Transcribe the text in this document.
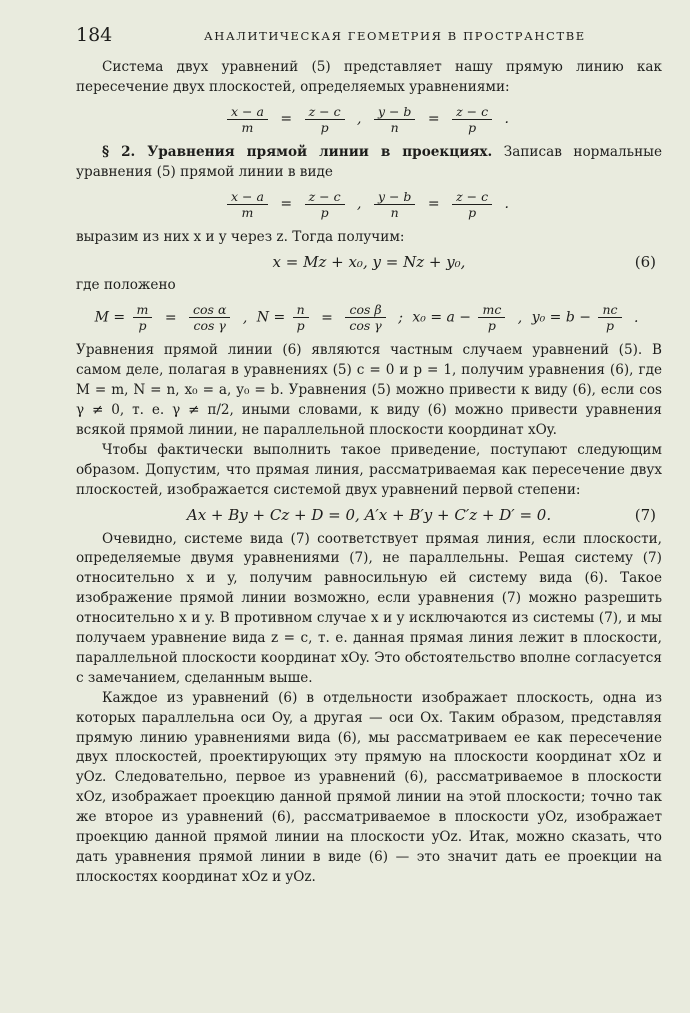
184	АНАЛИТИЧЕСКАЯ ГЕОМЕТРИЯ В ПРОСТРАНСТВЕ

Система двух уравнений (5) представляет нашу прямую линию как пересечение двух плоскостей, определяемых уравнениями:

$\frac{x - a}{m} = \frac{z - c}{p}$ , $\frac{y - b}{n} = \frac{z - c}{p}$ .

§ 2. Уравнения прямой линии в проекциях. Записав нормальные уравнения (5) прямой линии в виде

$\frac{x - a}{m} = \frac{z - c}{p}$ , $\frac{y - b}{n} = \frac{z - c}{p}$ .

выразим из них x и y через z. Тогда получим:

x = Mz + x₀, y = Nz + y₀,	(6)

где положено

$M = \frac{m}{p} = \frac{\text{cos α}}{\text{cos γ}}$ , $N = \frac{n}{p} = \frac{\text{cos β}}{\text{cos γ}}$ ; $x_0 = a - \frac{mc}{p}$ , $y_0 = b - \frac{nc}{p}$ .

Уравнения прямой линии (6) являются частным случаем уравнений (5). В самом деле, полагая в уравнениях (5) c = 0 и p = 1, получим уравнения (6), где M = m, N = n, x₀ = a, y₀ = b. Уравнения (5) можно привести к виду (6), если cos γ ≠ 0, т. е. γ ≠ π/2, иными словами, к виду (6) можно привести уравнения всякой прямой линии, не параллельной плоскости координат xOy.

Чтобы фактически выполнить такое приведение, поступают следующим образом. Допустим, что прямая линия, рассматриваемая как пересечение двух плоскостей, изображается системой двух уравнений первой степени:

Ax + By + Cz + D = 0, A′x + B′y + C′z + D′ = 0.	(7)

Очевидно, системе вида (7) соответствует прямая линия, если плоскости, определяемые двумя уравнениями (7), не параллельны. Решая систему (7) относительно x и y, получим равносильную ей систему вида (6). Такое изображение прямой линии возможно, если уравнения (7) можно разрешить относительно x и y. В противном случае x и y исключаются из системы (7), и мы получаем уравнение вида z = c, т. е. данная прямая линия лежит в плоскости, параллельной плоскости координат xOy. Это обстоятельство вполне согласуется с замечанием, сделанным выше.

Каждое из уравнений (6) в отдельности изображает плоскость, одна из которых параллельна оси Oy, а другая — оси Ox. Таким образом, представляя прямую линию уравнениями вида (6), мы рассматриваем ее как пересечение двух плоскостей, проектирующих эту прямую на плоскости координат xOz и yOz. Следовательно, первое из уравнений (6), рассматриваемое в плоскости xOz, изображает проекцию данной прямой линии на этой плоскости; точно так же второе из уравнений (6), рассматриваемое в плоскости yOz, изображает проекцию данной прямой линии на плоскости yOz. Итак, можно сказать, что дать уравнения прямой линии в виде (6) — это значит дать ее проекции на плоскостях координат xOz и yOz.
